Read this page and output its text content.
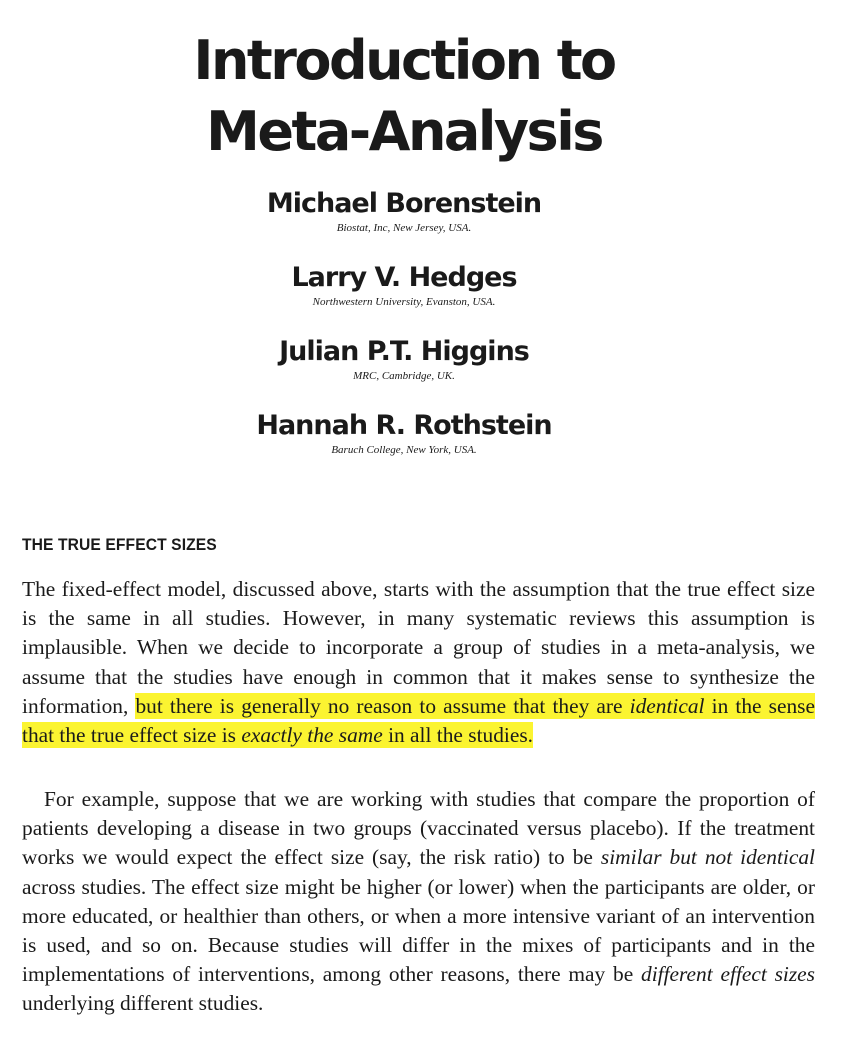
Introduction to
Meta-Analysis
Michael Borenstein
Biostat, Inc, New Jersey, USA.
Larry V. Hedges
Northwestern University, Evanston, USA.
Julian P.T. Higgins
MRC, Cambridge, UK.
Hannah R. Rothstein
Baruch College, New York, USA.
THE TRUE EFFECT SIZES

The fixed-effect model, discussed above, starts with the assumption that the true effect size is the same in all studies. However, in many systematic reviews this assumption is implausible. When we decide to incorporate a group of studies in a meta-analysis, we assume that the studies have enough in common that it makes sense to synthesize the information, but there is generally no reason to assume that they are identical in the sense that the true effect size is exactly the same in all the studies.

For example, suppose that we are working with studies that compare the proportion of patients developing a disease in two groups (vaccinated versus placebo). If the treatment works we would expect the effect size (say, the risk ratio) to be similar but not identical across studies. The effect size might be higher (or lower) when the participants are older, or more educated, or healthier than others, or when a more intensive variant of an intervention is used, and so on. Because studies will differ in the mixes of participants and in the implementations of interventions, among other reasons, there may be different effect sizes underlying different studies.
